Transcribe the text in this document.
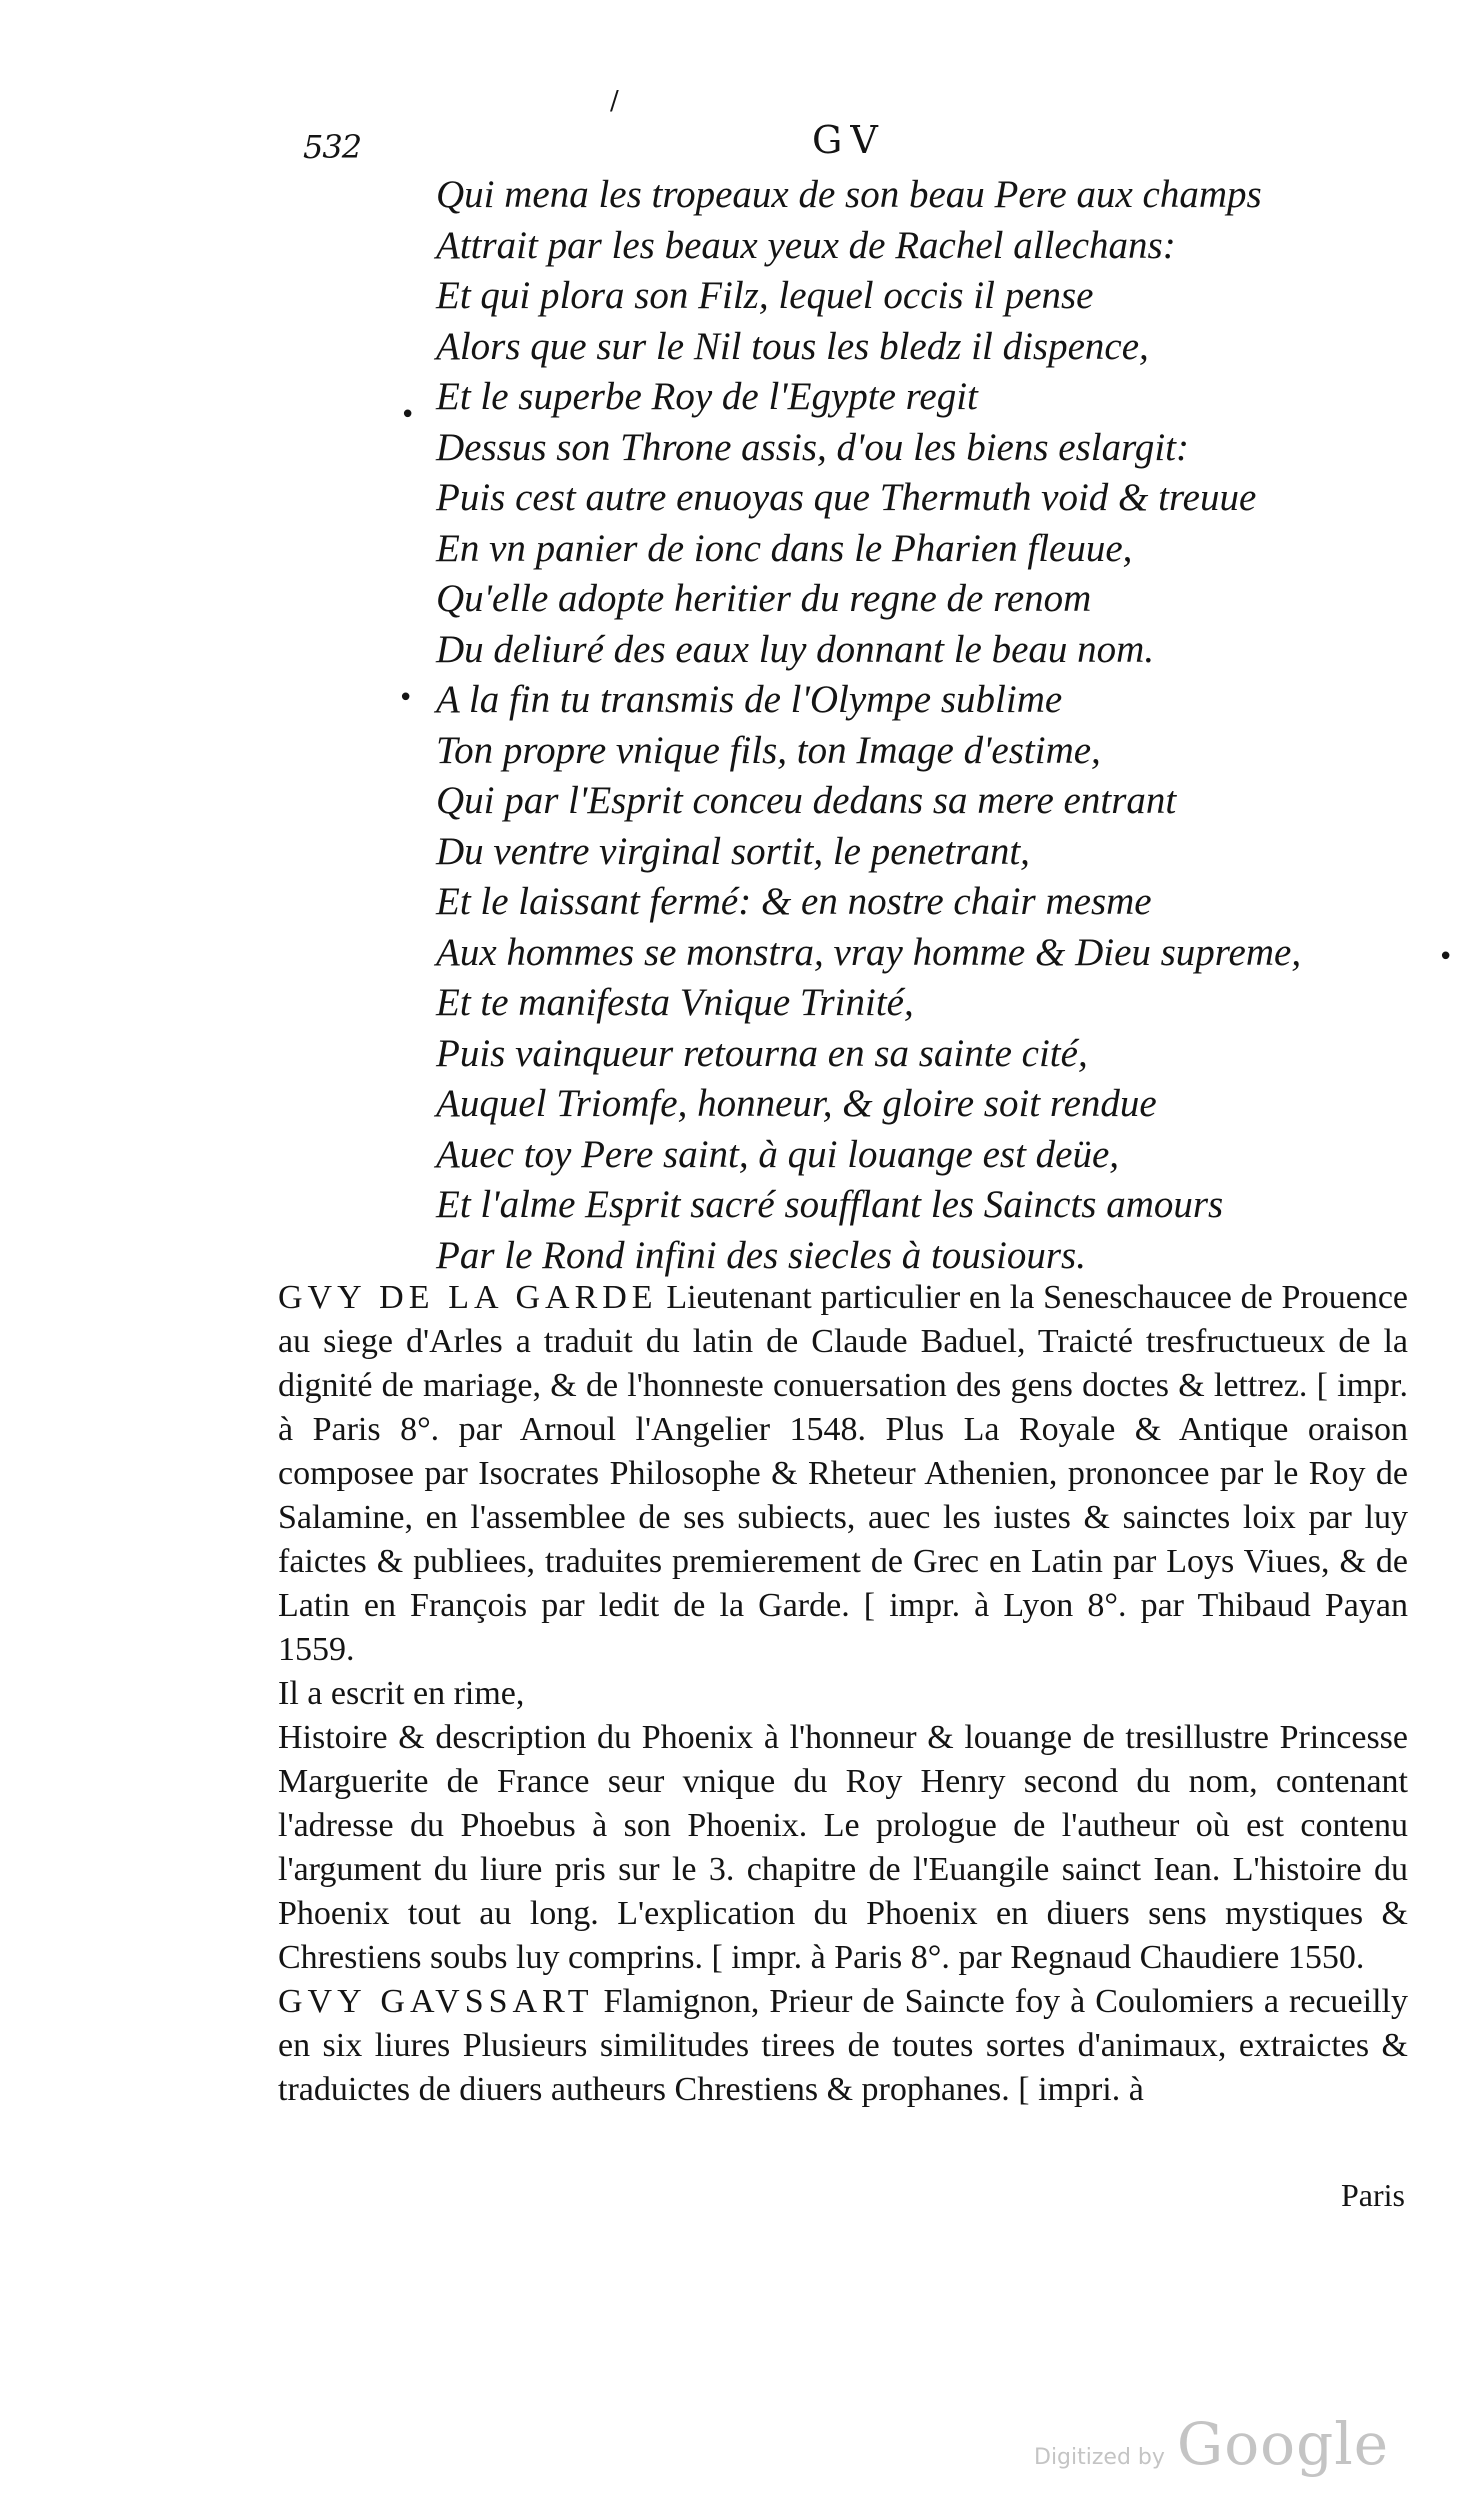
532
/
GV
Qui mena les tropeaux de son beau Pere aux champs
Attrait par les beaux yeux de Rachel allechans:
Et qui plora son Filz, lequel occis il pense
Alors que sur le Nil tous les bledz il dispence,
Et le superbe Roy de l'Egypte regit
Dessus son Throne assis, d'ou les biens eslargit:
Puis cest autre enuoyas que Thermuth void & treuue
En vn panier de ionc dans le Pharien fleuue,
Qu'elle adopte heritier du regne de renom
Du deliuré des eaux luy donnant le beau nom.
A la fin tu transmis de l'Olympe sublime
Ton propre vnique fils, ton Image d'estime,
Qui par l'Esprit conceu dedans sa mere entrant
Du ventre virginal sortit, le penetrant,
Et le laissant fermé: & en nostre chair mesme
Aux hommes se monstra, vray homme & Dieu supreme,
Et te manifesta Vnique Trinité,
Puis vainqueur retourna en sa sainte cité,
Auquel Triomfe, honneur, & gloire soit rendue
Auec toy Pere saint, à qui louange est deüe,
Et l'alme Esprit sacré soufflant les Saincts amours
Par le Rond infini des siecles à tousiours.
•
•
•

GVY DE LA GARDE Lieutenant particulier en la Seneschaucee de Prouence au siege d'Arles a traduit du latin de Claude Baduel, Traicté tresfructueux de la dignité de mariage, & de l'honneste conuersation des gens doctes & lettrez. [ impr. à Paris 8°. par Arnoul l'Angelier 1548. Plus La Royale & Antique oraison composee par Isocrates Philosophe & Rheteur Athenien, prononcee par le Roy de Salamine, en l'assemblee de ses subiects, auec les iustes & sainctes loix par luy faictes & publiees, traduites premierement de Grec en Latin par Loys Viues, & de Latin en François par ledit de la Garde. [ impr. à Lyon 8°. par Thibaud Payan 1559.

Il a escrit en rime,

Histoire & description du Phoenix à l'honneur & louange de tresillustre Princesse Marguerite de France seur vnique du Roy Henry second du nom, contenant l'adresse du Phoebus à son Phoenix. Le prologue de l'autheur où est contenu l'argument du liure pris sur le 3. chapitre de l'Euangile sainct Iean. L'histoire du Phoenix tout au long. L'explication du Phoenix en diuers sens mystiques & Chrestiens soubs luy comprins. [ impr. à Paris 8°. par Regnaud Chaudiere 1550.

GVY GAVSSART Flamignon, Prieur de Saincte foy à Coulomiers a recueilly en six liures Plusieurs similitudes tirees de toutes sortes d'animaux, extraictes & traduictes de diuers autheurs Chrestiens & prophanes. [ impri. à

Paris
Digitized by Google
